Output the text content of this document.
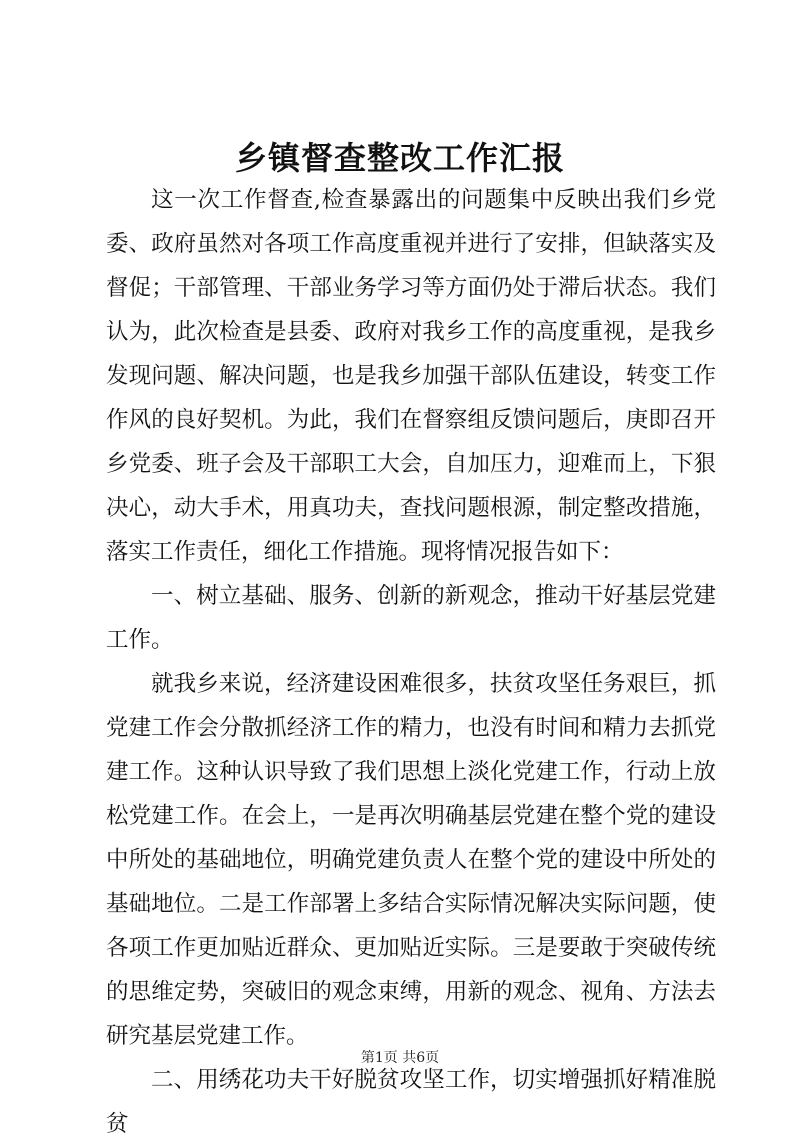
乡镇督查整改工作汇报

这一次工作督查,检查暴露出的问题集中反映出我们乡党委、政府虽然对各项工作高度重视并进行了安排，但缺落实及督促；干部管理、干部业务学习等方面仍处于滞后状态。我们认为，此次检查是县委、政府对我乡工作的高度重视，是我乡发现问题、解决问题，也是我乡加强干部队伍建设，转变工作作风的良好契机。为此，我们在督察组反馈问题后，庚即召开乡党委、班子会及干部职工大会，自加压力，迎难而上，下狠决心，动大手术，用真功夫，查找问题根源，制定整改措施，落实工作责任，细化工作措施。现将情况报告如下：

一、树立基础、服务、创新的新观念，推动干好基层党建工作。

就我乡来说，经济建设困难很多，扶贫攻坚任务艰巨，抓党建工作会分散抓经济工作的精力，也没有时间和精力去抓党建工作。这种认识导致了我们思想上淡化党建工作，行动上放松党建工作。在会上，一是再次明确基层党建在整个党的建设中所处的基础地位，明确党建负责人在整个党的建设中所处的基础地位。二是工作部署上多结合实际情况解决实际问题，使各项工作更加贴近群众、更加贴近实际。三是要敢于突破传统的思维定势，突破旧的观念束缚，用新的观念、视角、方法去研究基层党建工作。

二、用绣花功夫干好脱贫攻坚工作，切实增强抓好精准脱贫

第1页 共6页
